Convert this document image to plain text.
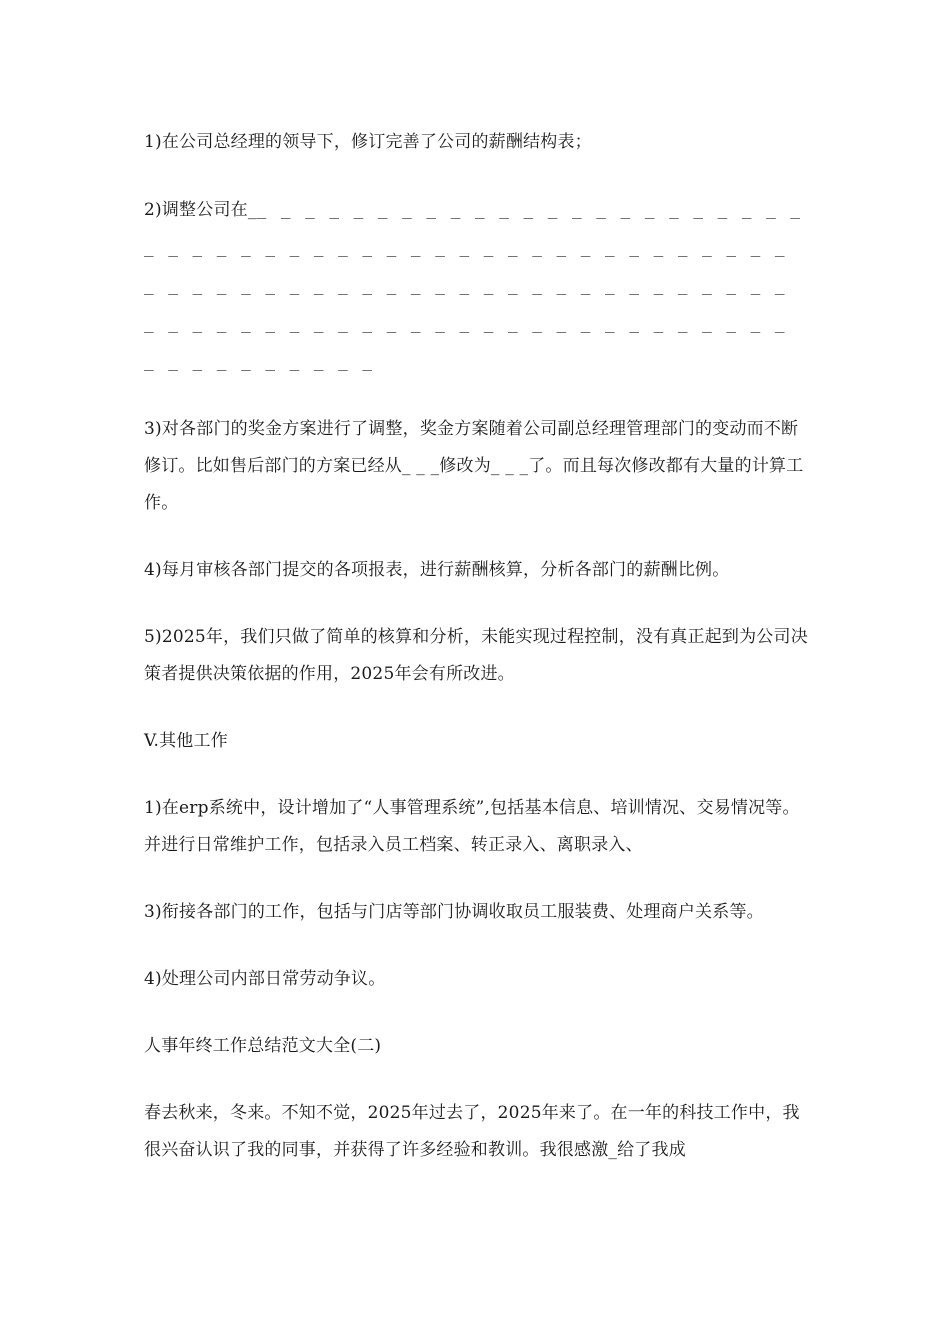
1)在公司总经理的领导下，修订完善了公司的薪酬结构表；

2)调整公司在__ _ _ _ _ _ _ _ _ _ _ _ _ _ _ _ _ _ _ _ _ _ _ _ _ _ _ _ _ _ _ _ _ _ _ _ _ _ _ _ _ _ _ _ _ _ _ _ _ _ _ _ _ _ _ _ _ _ _ _ _ _ _ _ _ _ _ _ _ _ _ _ _ _ _ _ _ _ _ _ _ _ _ _ _ _ _ _ _ _ _ _ _ _ _ _ _ _ _ _ _ _ _ _ _ _ _ _ _ _ _ _ _ _

3)对各部门的奖金方案进行了调整，奖金方案随着公司副总经理管理部门的变动而不断修订。比如售后部门的方案已经从_ _ _修改为_ _ _了。而且每次修改都有大量的计算工作。

4)每月审核各部门提交的各项报表，进行薪酬核算，分析各部门的薪酬比例。

5)2025年，我们只做了简单的核算和分析，未能实现过程控制，没有真正起到为公司决策者提供决策依据的作用，2025年会有所改进。

V.其他工作

1)在erp系统中，设计增加了“人事管理系统”,包括基本信息、培训情况、交易情况等。并进行日常维护工作，包括录入员工档案、转正录入、离职录入、

3)衔接各部门的工作，包括与门店等部门协调收取员工服装费、处理商户关系等。

4)处理公司内部日常劳动争议。

人事年终工作总结范文大全(二)

春去秋来，冬来。不知不觉，2025年过去了，2025年来了。在一年的科技工作中，我很兴奋认识了我的同事，并获得了许多经验和教训。我很感激_给了我成
